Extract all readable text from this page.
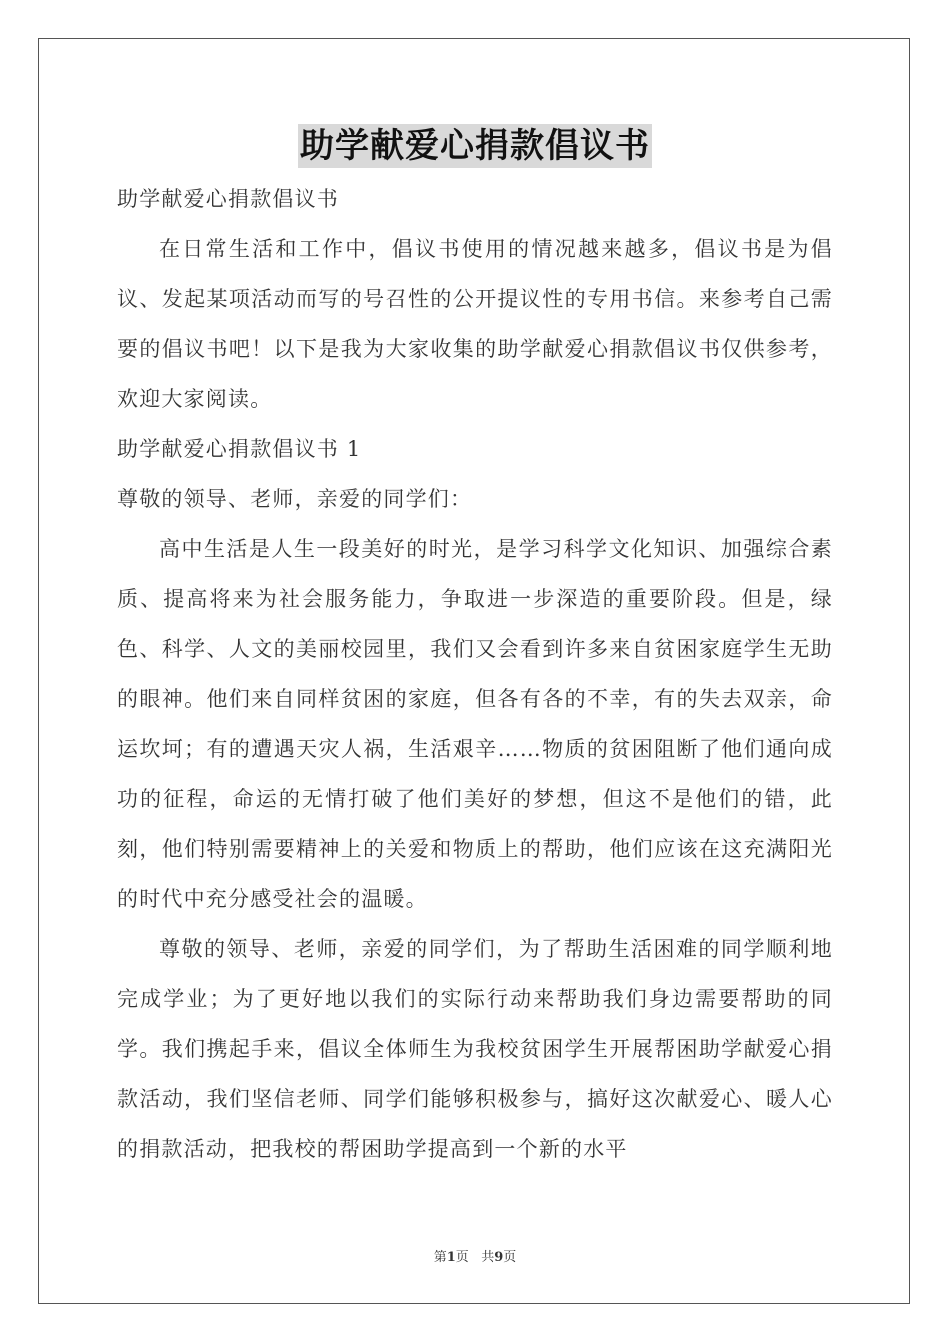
助学献爱心捐款倡议书

助学献爱心捐款倡议书

在日常生活和工作中，倡议书使用的情况越来越多，倡议书是为倡议、发起某项活动而写的号召性的公开提议性的专用书信。来参考自己需要的倡议书吧！以下是我为大家收集的助学献爱心捐款倡议书仅供参考，欢迎大家阅读。

助学献爱心捐款倡议书 1

尊敬的领导、老师，亲爱的同学们：

高中生活是人生一段美好的时光，是学习科学文化知识、加强综合素质、提高将来为社会服务能力，争取进一步深造的重要阶段。但是，绿色、科学、人文的美丽校园里，我们又会看到许多来自贫困家庭学生无助的眼神。他们来自同样贫困的家庭，但各有各的不幸，有的失去双亲，命运坎坷；有的遭遇天灾人祸，生活艰辛……物质的贫困阻断了他们通向成功的征程，命运的无情打破了他们美好的梦想，但这不是他们的错，此刻，他们特别需要精神上的关爱和物质上的帮助，他们应该在这充满阳光的时代中充分感受社会的温暖。

尊敬的领导、老师，亲爱的同学们，为了帮助生活困难的同学顺利地完成学业；为了更好地以我们的实际行动来帮助我们身边需要帮助的同学。我们携起手来，倡议全体师生为我校贫困学生开展帮困助学献爱心捐款活动，我们坚信老师、同学们能够积极参与，搞好这次献爱心、暖人心的捐款活动，把我校的帮困助学提高到一个新的水平

第1页 共9页
